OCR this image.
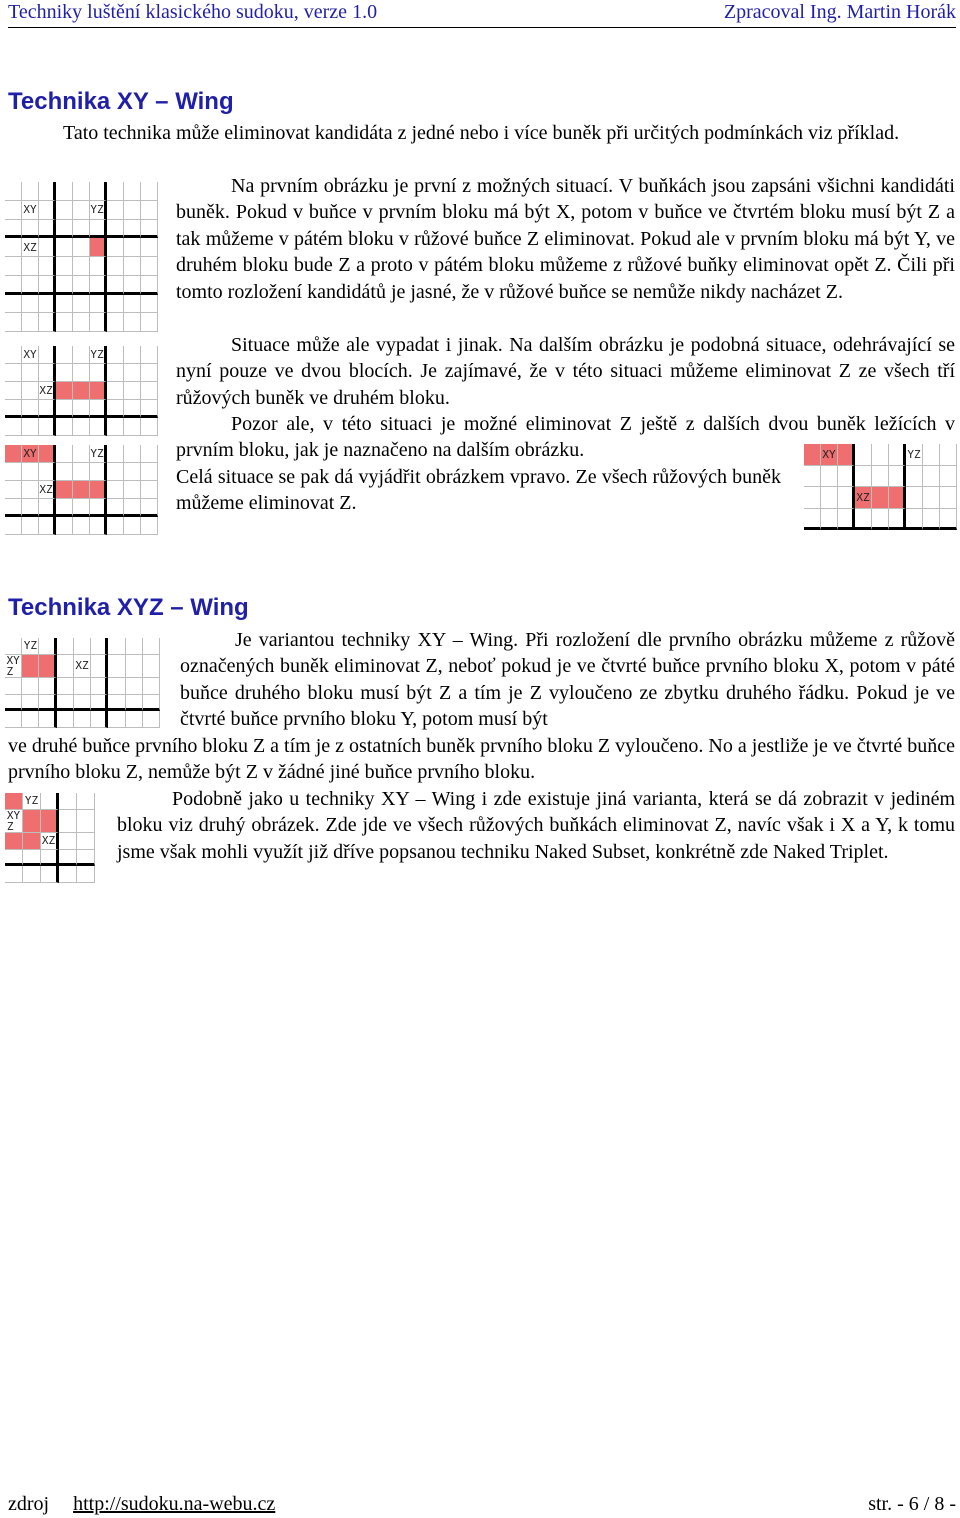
Techniky luštění klasického sudoku, verze 1.0	Zpracoval Ing. Martin Horák
Technika XY – Wing

Tato technika může eliminovat kandidáta z jedné nebo i více buněk při určitých podmínkách viz příklad.

XY	YZ
XZ
XY	YZ
XZ
XY	YZ
XZ
XY	YZ
XZ

Na prvním obrázku je první z možných situací. V buňkách jsou zapsáni všichni kandidáti buněk. Pokud v buňce v prvním bloku má být X, potom v buňce ve čtvrtém bloku musí být Z a tak můžeme v pátém bloku v růžové buňce Z eliminovat. Pokud ale v prvním bloku má být Y, ve druhém bloku bude Z a proto v pátém bloku můžeme z růžové buňky eliminovat opět Z. Čili při tomto rozložení kandidátů je jasné, že v růžové buňce se nemůže nikdy nacházet Z.

Situace může ale vypadat i jinak. Na dalším obrázku je podobná situace, odehrávající se nyní pouze ve dvou blocích. Je zajímavé, že v této situaci můžeme eliminovat Z ze všech tří růžových buněk ve druhém bloku.

Pozor ale, v této situaci je možné eliminovat Z ještě z dalších dvou buněk ležících v prvním bloku, jak je naznačeno na dalším obrázku.

Celá situace se pak dá vyjádřit obrázkem vpravo. Ze všech růžových buněk můžeme eliminovat Z.

Technika XYZ – Wing
YZ
XY
Z	XZ

Je variantou techniky XY – Wing. Při rozložení dle prvního obrázku můžeme z růžově označených buněk eliminovat Z, neboť pokud je ve čtvrté buňce prvního bloku X, potom v páté buňce druhého bloku musí být Z a tím je Z vyloučeno ze zbytku druhého řádku. Pokud je ve čtvrté buňce prvního bloku Y, potom musí být

ve druhé buňce prvního bloku Z a tím je z ostatních buněk prvního bloku Z vyloučeno. No a jestliže je ve čtvrté buňce prvního bloku Z, nemůže být Z v žádné jiné buňce prvního bloku.

YZ
XY
Z
XZ

Podobně jako u techniky XY – Wing i zde existuje jiná varianta, která se dá zobrazit v jediném bloku viz druhý obrázek. Zde jde ve všech růžových buňkách eliminovat Z, navíc však i X a Y, k tomu jsme však mohli využít již dříve popsanou techniku Naked Subset, konkrétně zde Naked Triplet.

zdroj http://sudoku.na-webu.cz	str. - 6 / 8 -
